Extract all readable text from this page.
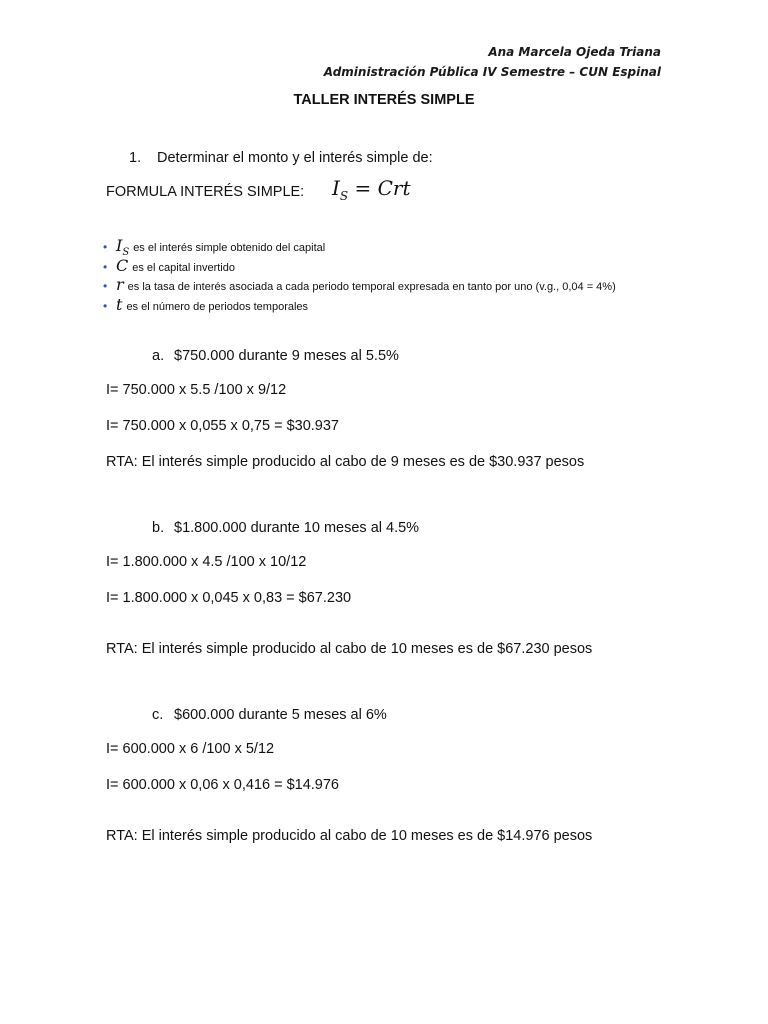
Ana Marcela Ojeda Triana
Administración Pública IV Semestre – CUN Espinal
TALLER INTERÉS SIMPLE
1. Determinar el monto y el interés simple de:
FORMULA INTERÉS SIMPLE: $I_S$ = Crt
• $I_S$ es el interés simple obtenido del capital
• C es el capital invertido
• r es la tasa de interés asociada a cada periodo temporal expresada en tanto por uno (v.g., 0,04 = 4%)
• t es el número de periodos temporales
a. $750.000 durante 9 meses al 5.5%
I= 750.000 x 5.5 /100 x 9/12
I= 750.000 x 0,055 x 0,75 = $30.937
RTA: El interés simple producido al cabo de 9 meses es de $30.937 pesos
b. $1.800.000 durante 10 meses al 4.5%
I= 1.800.000 x 4.5 /100 x 10/12
I= 1.800.000 x 0,045 x 0,83 = $67.230
RTA: El interés simple producido al cabo de 10 meses es de $67.230 pesos
c. $600.000 durante 5 meses al 6%
I= 600.000 x 6 /100 x 5/12
I= 600.000 x 0,06 x 0,416 = $14.976
RTA: El interés simple producido al cabo de 10 meses es de $14.976 pesos
